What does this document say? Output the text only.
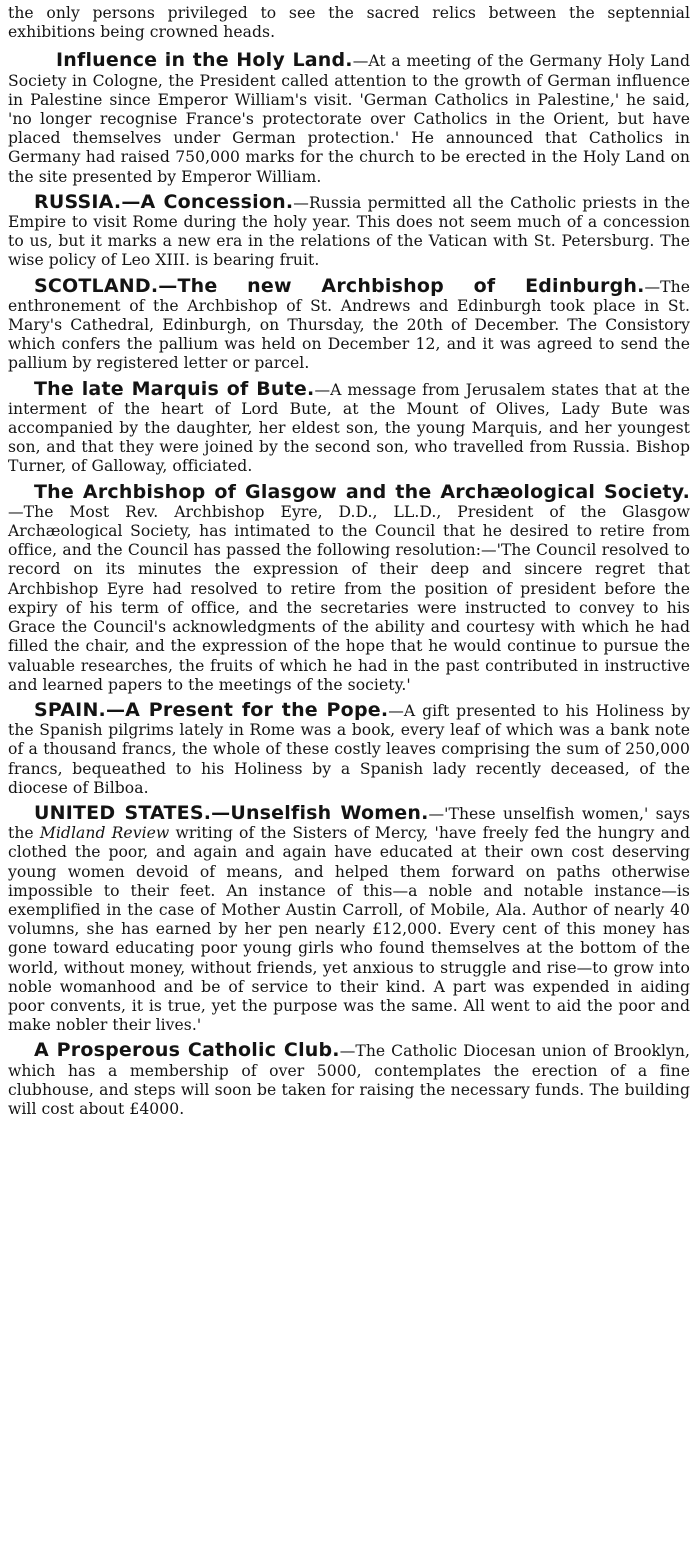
the only persons privileged to see the sacred relics between the septennial exhibitions being crowned heads.

Influence in the Holy Land.—At a meeting of the Germany Holy Land Society in Cologne, the President called attention to the growth of German influence in Palestine since Emperor William's visit. 'German Catholics in Palestine,' he said, 'no longer recognise France's protectorate over Catholics in the Orient, but have placed themselves under German protection.' He announced that Catholics in Germany had raised 750,000 marks for the church to be erected in the Holy Land on the site presented by Emperor William.

RUSSIA.—A Concession.—Russia permitted all the Catholic priests in the Empire to visit Rome during the holy year. This does not seem much of a concession to us, but it marks a new era in the relations of the Vatican with St. Petersburg. The wise policy of Leo XIII. is bearing fruit.

SCOTLAND.—The new Archbishop of Edinburgh.—The enthronement of the Archbishop of St. Andrews and Edinburgh took place in St. Mary's Cathedral, Edinburgh, on Thursday, the 20th of December. The Consistory which confers the pallium was held on December 12, and it was agreed to send the pallium by registered letter or parcel.

The late Marquis of Bute.—A message from Jerusalem states that at the interment of the heart of Lord Bute, at the Mount of Olives, Lady Bute was accompanied by the daughter, her eldest son, the young Marquis, and her youngest son, and that they were joined by the second son, who travelled from Russia. Bishop Turner, of Galloway, officiated.

The Archbishop of Glasgow and the Archæological Society.—The Most Rev. Archbishop Eyre, D.D., LL.D., President of the Glasgow Archæological Society, has intimated to the Council that he desired to retire from office, and the Council has passed the following resolution:—'The Council resolved to record on its minutes the expression of their deep and sincere regret that Archbishop Eyre had resolved to retire from the position of president before the expiry of his term of office, and the secretaries were instructed to convey to his Grace the Council's acknowledgments of the ability and courtesy with which he had filled the chair, and the expression of the hope that he would continue to pursue the valuable researches, the fruits of which he had in the past contributed in instructive and learned papers to the meetings of the society.'

SPAIN.—A Present for the Pope.—A gift presented to his Holiness by the Spanish pilgrims lately in Rome was a book, every leaf of which was a bank note of a thousand francs, the whole of these costly leaves comprising the sum of 250,000 francs, bequeathed to his Holiness by a Spanish lady recently deceased, of the diocese of Bilboa.

UNITED STATES.—Unselfish Women.—'These unselfish women,' says the Midland Review writing of the Sisters of Mercy, 'have freely fed the hungry and clothed the poor, and again and again have educated at their own cost deserving young women devoid of means, and helped them forward on paths otherwise impossible to their feet. An instance of this—a noble and notable instance—is exemplified in the case of Mother Austin Carroll, of Mobile, Ala. Author of nearly 40 volumns, she has earned by her pen nearly £12,000. Every cent of this money has gone toward educating poor young girls who found themselves at the bottom of the world, without money, without friends, yet anxious to struggle and rise—to grow into noble womanhood and be of service to their kind. A part was expended in aiding poor convents, it is true, yet the purpose was the same. All went to aid the poor and make nobler their lives.'

A Prosperous Catholic Club.—The Catholic Diocesan union of Brooklyn, which has a membership of over 5000, contemplates the erection of a fine clubhouse, and steps will soon be taken for raising the necessary funds. The building will cost about £4000.
